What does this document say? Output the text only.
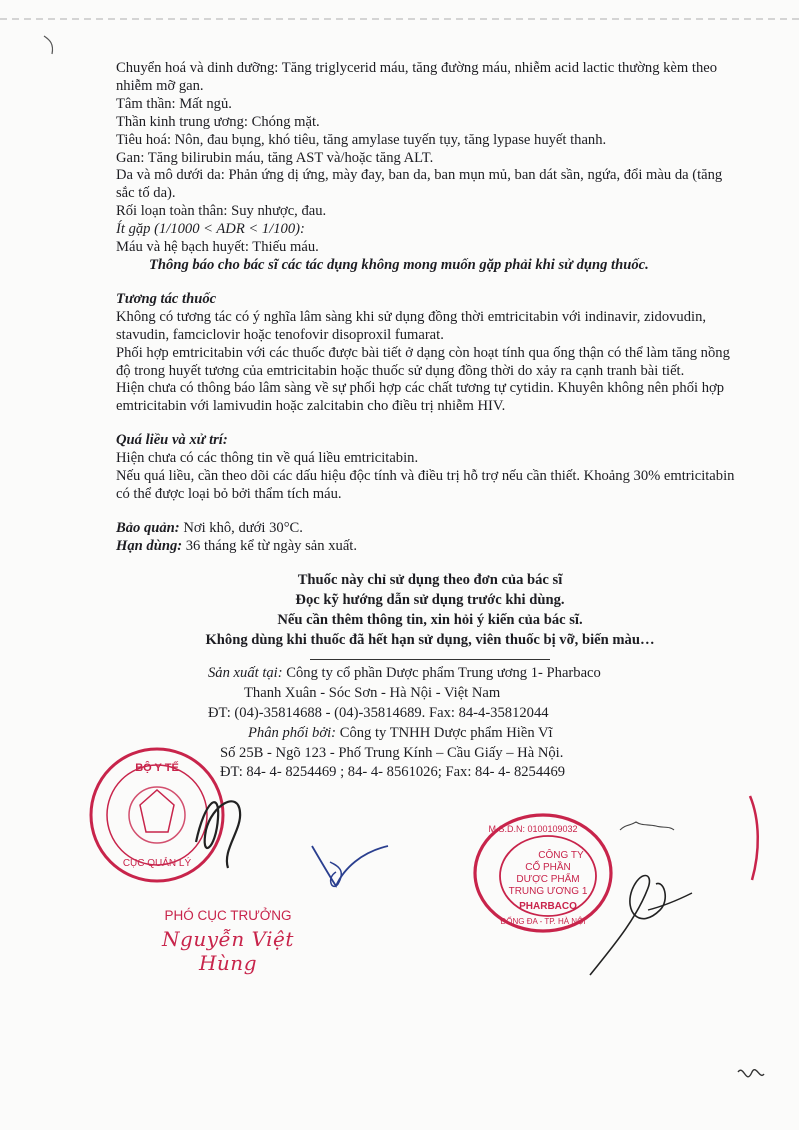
Chuyển hoá và dinh dưỡng: Tăng triglycerid máu, tăng đường máu, nhiễm acid lactic thường kèm theo nhiễm mỡ gan.

Tâm thần: Mất ngủ.

Thần kinh trung ương: Chóng mặt.

Tiêu hoá: Nôn, đau bụng, khó tiêu, tăng amylase tuyến tụy, tăng lypase huyết thanh.

Gan: Tăng bilirubin máu, tăng AST và/hoặc tăng ALT.

Da và mô dưới da: Phản ứng dị ứng, mày đay, ban da, ban mụn mủ, ban dát sần, ngứa, đổi màu da (tăng sắc tố da).

Rối loạn toàn thân: Suy nhược, đau.

Ít gặp (1/1000 < ADR < 1/100):

Máu và hệ bạch huyết: Thiếu máu.

Thông báo cho bác sĩ các tác dụng không mong muốn gặp phải khi sử dụng thuốc.

Tương tác thuốc

Không có tương tác có ý nghĩa lâm sàng khi sử dụng đồng thời emtricitabin với indinavir, zidovudin, stavudin, famciclovir hoặc tenofovir disoproxil fumarat.

Phối hợp emtricitabin với các thuốc được bài tiết ở dạng còn hoạt tính qua ống thận có thể làm tăng nồng độ trong huyết tương của emtricitabin hoặc thuốc sử dụng đồng thời do xảy ra cạnh tranh bài tiết.

Hiện chưa có thông báo lâm sàng về sự phối hợp các chất tương tự cytidin. Khuyên không nên phối hợp emtricitabin với lamivudin hoặc zalcitabin cho điều trị nhiễm HIV.

Quá liều và xử trí:

Hiện chưa có các thông tin về quá liều emtricitabin.

Nếu quá liều, cần theo dõi các dấu hiệu độc tính và điều trị hỗ trợ nếu cần thiết. Khoảng 30% emtricitabin có thể được loại bỏ bởi thẩm tích máu.

Bảo quản: Nơi khô, dưới 30°C.

Hạn dùng: 36 tháng kể từ ngày sản xuất.

Thuốc này chỉ sử dụng theo đơn của bác sĩ
Đọc kỹ hướng dẫn sử dụng trước khi dùng.
Nếu cần thêm thông tin, xin hỏi ý kiến của bác sĩ.
Không dùng khi thuốc đã hết hạn sử dụng, viên thuốc bị vỡ, biến màu…

Sản xuất tại: Công ty cổ phần Dược phẩm Trung ương 1- Pharbaco

Thanh Xuân - Sóc Sơn - Hà Nội - Việt Nam

ĐT: (04)-35814688 - (04)-35814689. Fax: 84-4-35812044

Phân phối bởi: Công ty TNHH Dược phẩm Hiền Vĩ

Số 25B - Ngõ 123 - Phố Trung Kính – Cầu Giấy – Hà Nội.

ĐT: 84- 4- 8254469 ; 84- 4- 8561026; Fax: 84- 4- 8254469

BỘ Y TẾ
CỤC QUẢN LÝ
M.S.D.N: 0100109032
CÔNG TY
CỔ PHẦN
DƯỢC PHẨM
TRUNG ƯƠNG 1
PHARBACO
ĐỐNG ĐA - TP. HÀ NỘI
PHÓ CỤC TRƯỞNG
Nguyễn Việt Hùng
